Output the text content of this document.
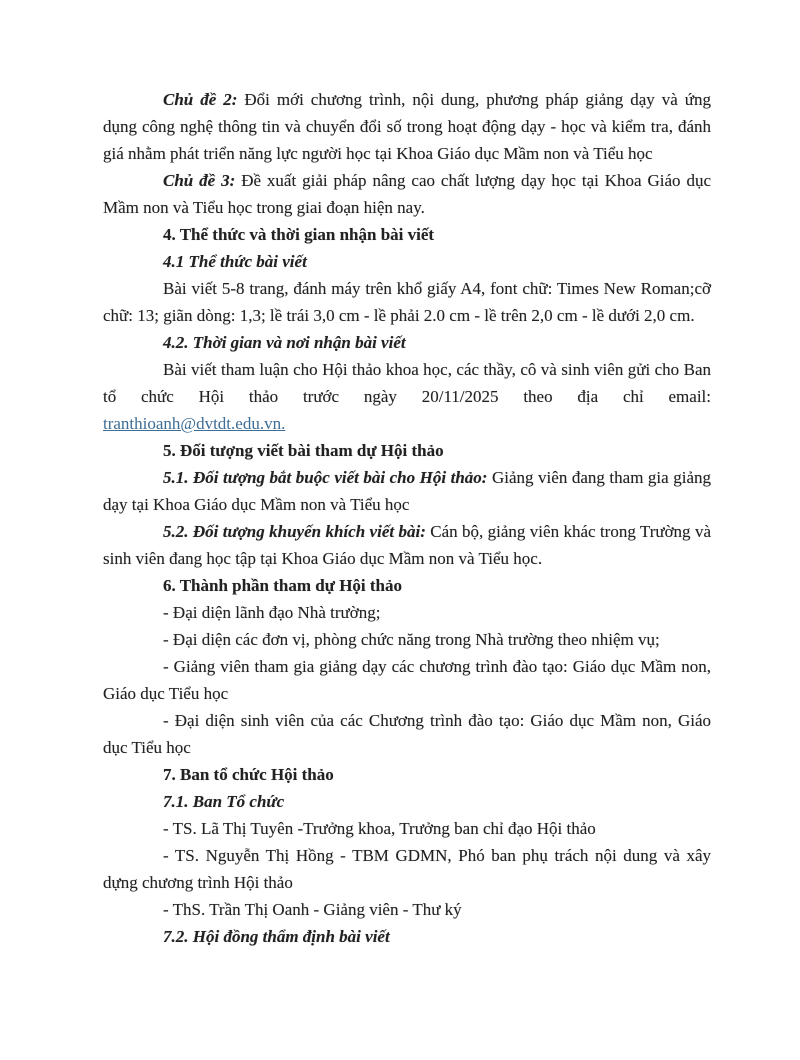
Chủ đề 2: Đổi mới chương trình, nội dung, phương pháp giảng dạy và ứng dụng công nghệ thông tin và chuyển đổi số trong hoạt động dạy - học và kiểm tra, đánh giá nhằm phát triển năng lực người học tại Khoa Giáo dục Mầm non và Tiểu học

Chủ đề 3: Đề xuất giải pháp nâng cao chất lượng dạy học tại Khoa Giáo dục Mầm non và Tiểu học trong giai đoạn hiện nay.

4. Thể thức và thời gian nhận bài viết

4.1 Thể thức bài viết

Bài viết 5-8 trang, đánh máy trên khổ giấy A4, font chữ: Times New Roman;cỡ chữ: 13; giãn dòng: 1,3; lề trái 3,0 cm - lề phải 2.0 cm - lề trên 2,0 cm - lề dưới 2,0 cm.

4.2. Thời gian và nơi nhận bài viết

Bài viết tham luận cho Hội thảo khoa học, các thầy, cô và sinh viên gửi cho Ban tổ chức Hội thảo trước ngày 20/11/2025 theo địa chỉ email:

tranthioanh@dvtdt.edu.vn.

5. Đối tượng viết bài tham dự Hội thảo

5.1. Đối tượng bắt buộc viết bài cho Hội thảo: Giảng viên đang tham gia giảng dạy tại Khoa Giáo dục Mầm non và Tiểu học

5.2. Đối tượng khuyến khích viết bài: Cán bộ, giảng viên khác trong Trường và sinh viên đang học tập tại Khoa Giáo dục Mầm non và Tiểu học.

6. Thành phần tham dự Hội thảo

- Đại diện lãnh đạo Nhà trường;

- Đại diện các đơn vị, phòng chức năng trong Nhà trường theo nhiệm vụ;

- Giảng viên tham gia giảng dạy các chương trình đào tạo: Giáo dục Mầm non, Giáo dục Tiểu học

- Đại diện sinh viên của các Chương trình đào tạo: Giáo dục Mầm non, Giáo dục Tiểu học

7. Ban tổ chức Hội thảo

7.1. Ban Tổ chức

- TS. Lã Thị Tuyên -Trưởng khoa, Trưởng ban chỉ đạo Hội thảo

- TS. Nguyễn Thị Hồng - TBM GDMN, Phó ban phụ trách nội dung và xây dựng chương trình Hội thảo

- ThS. Trần Thị Oanh - Giảng viên - Thư ký

7.2. Hội đồng thẩm định bài viết
